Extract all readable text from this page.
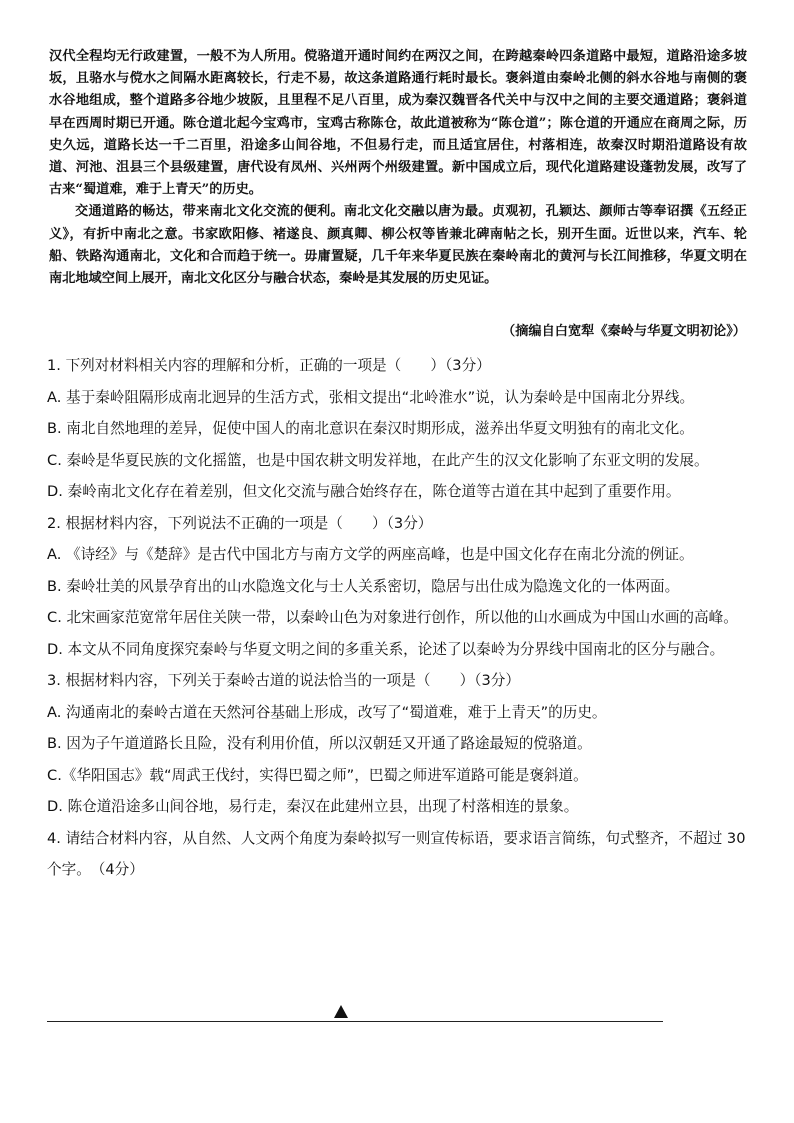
汉代全程均无行政建置，一般不为人所用。傥骆道开通时间约在两汉之间，在跨越秦岭四条道路中最短，道路沿途多坡坂，且骆水与傥水之间隔水距离较长，行走不易，故这条道路通行耗时最长。褒斜道由秦岭北侧的斜水谷地与南侧的褒水谷地组成，整个道路多谷地少坡阪，且里程不足八百里，成为秦汉魏晋各代关中与汉中之间的主要交通道路；褒斜道早在西周时期已开通。陈仓道北起今宝鸡市，宝鸡古称陈仓，故此道被称为“陈仓道”；陈仓道的开通应在商周之际，历史久远，道路长达一千二百里，沿途多山间谷地，不但易行走，而且适宜居住，村落相连，故秦汉时期沿道路设有故道、河池、沮县三个县级建置，唐代设有凤州、兴州两个州级建置。新中国成立后，现代化道路建设蓬勃发展，改写了古来“蜀道难，难于上青天”的历史。

交通道路的畅达，带来南北文化交流的便利。南北文化交融以唐为最。贞观初，孔颖达、颜师古等奉诏撰《五经正义》，有折中南北之意。书家欧阳修、褚遂良、颜真卿、柳公权等皆兼北碑南帖之长，别开生面。近世以来，汽车、轮船、铁路沟通南北，文化和合而趋于统一。毋庸置疑，几千年来华夏民族在秦岭南北的黄河与长江间推移，华夏文明在南北地域空间上展开，南北文化区分与融合状态，秦岭是其发展的历史见证。

（摘编自白宽犁《秦岭与华夏文明初论》）

1. 下列对材料相关内容的理解和分析，正确的一项是（　　）（3分）

A. 基于秦岭阻隔形成南北迥异的生活方式，张相文提出“北岭淮水”说，认为秦岭是中国南北分界线。

B. 南北自然地理的差异，促使中国人的南北意识在秦汉时期形成，滋养出华夏文明独有的南北文化。

C. 秦岭是华夏民族的文化摇篮，也是中国农耕文明发祥地，在此产生的汉文化影响了东亚文明的发展。

D. 秦岭南北文化存在着差别，但文化交流与融合始终存在，陈仓道等古道在其中起到了重要作用。

2. 根据材料内容，下列说法不正确的一项是（　　）（3分）

A. 《诗经》与《楚辞》是古代中国北方与南方文学的两座高峰，也是中国文化存在南北分流的例证。

B. 秦岭壮美的风景孕育出的山水隐逸文化与士人关系密切，隐居与出仕成为隐逸文化的一体两面。

C. 北宋画家范宽常年居住关陕一带，以秦岭山色为对象进行创作，所以他的山水画成为中国山水画的高峰。

D. 本文从不同角度探究秦岭与华夏文明之间的多重关系，论述了以秦岭为分界线中国南北的区分与融合。

3. 根据材料内容，下列关于秦岭古道的说法恰当的一项是（　　）（3分）

A. 沟通南北的秦岭古道在天然河谷基础上形成，改写了“蜀道难，难于上青天”的历史。

B. 因为子午道道路长且险，没有利用价值，所以汉朝廷又开通了路途最短的傥骆道。

C.《华阳国志》载“周武王伐纣，实得巴蜀之师”，巴蜀之师进军道路可能是褒斜道。

D. 陈仓道沿途多山间谷地，易行走，秦汉在此建州立县，出现了村落相连的景象。

4. 请结合材料内容，从自然、人文两个角度为秦岭拟写一则宣传标语，要求语言简练，句式整齐，不超过 30 个字。　（4分）
